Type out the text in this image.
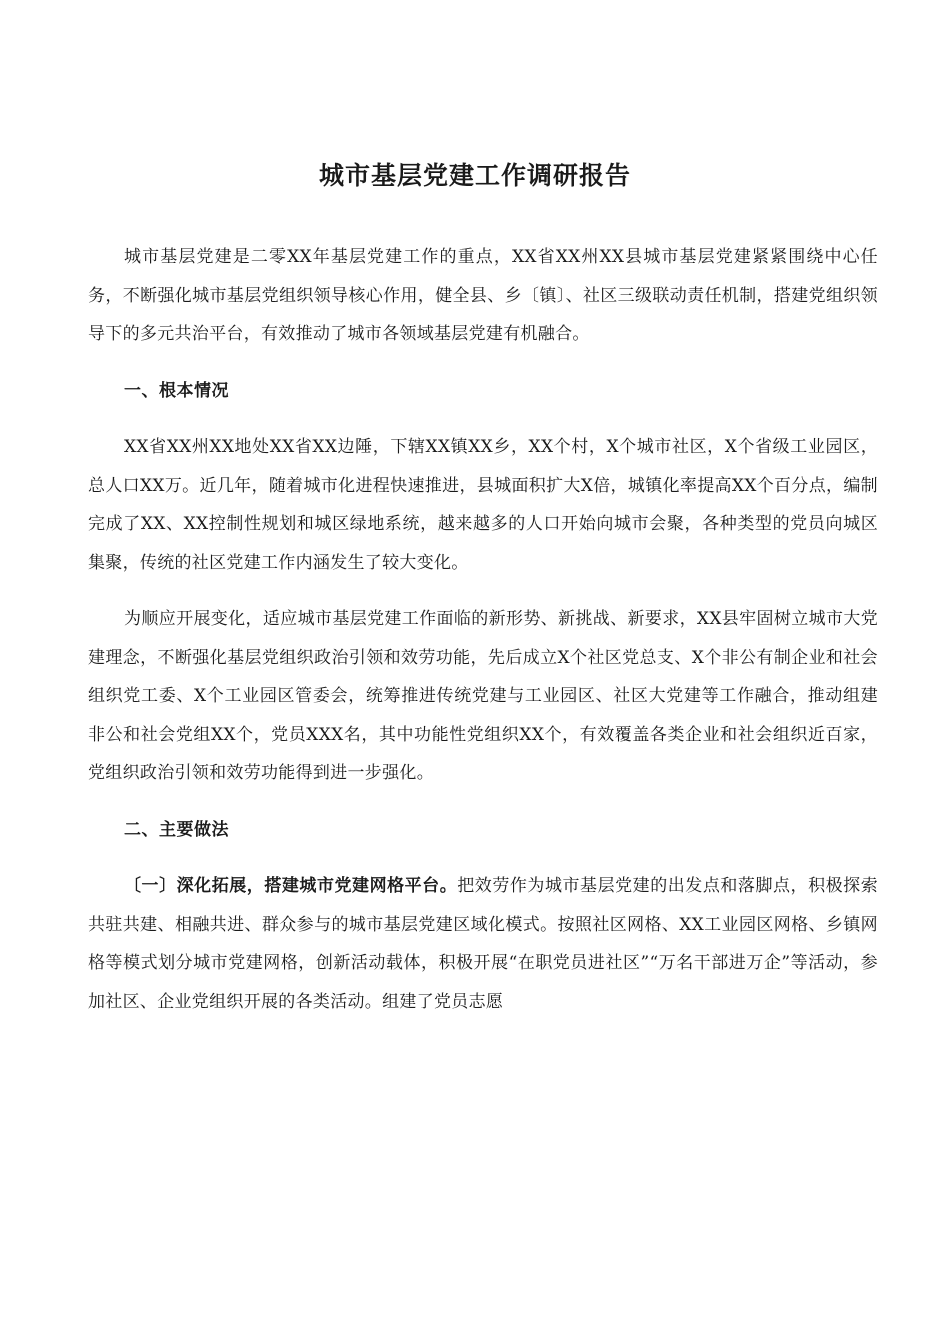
城市基层党建工作调研报告

城市基层党建是二零XX年基层党建工作的重点，XX省XX州XX县城市基层党建紧紧围绕中心任务，不断强化城市基层党组织领导核心作用，健全县、乡〔镇〕、社区三级联动责任机制，搭建党组织领导下的多元共治平台，有效推动了城市各领域基层党建有机融合。

一、根本情况

XX省XX州XX地处XX省XX边陲，下辖XX镇XX乡，XX个村，X个城市社区，X个省级工业园区，总人口XX万。近几年，随着城市化进程快速推进，县城面积扩大X倍，城镇化率提高XX个百分点，编制完成了XX、XX控制性规划和城区绿地系统，越来越多的人口开始向城市会聚，各种类型的党员向城区集聚，传统的社区党建工作内涵发生了较大变化。

为顺应开展变化，适应城市基层党建工作面临的新形势、新挑战、新要求，XX县牢固树立城市大党建理念，不断强化基层党组织政治引领和效劳功能，先后成立X个社区党总支、X个非公有制企业和社会组织党工委、X个工业园区管委会，统筹推进传统党建与工业园区、社区大党建等工作融合，推动组建非公和社会党组XX个，党员XXX名，其中功能性党组织XX个，有效覆盖各类企业和社会组织近百家，党组织政治引领和效劳功能得到进一步强化。

二、主要做法

〔一〕深化拓展，搭建城市党建网格平台。把效劳作为城市基层党建的出发点和落脚点，积极探索共驻共建、相融共进、群众参与的城市基层党建区域化模式。按照社区网格、XX工业园区网格、乡镇网格等模式划分城市党建网格，创新活动载体，积极开展“在职党员进社区”“万名干部进万企”等活动，参加社区、企业党组织开展的各类活动。组建了党员志愿
